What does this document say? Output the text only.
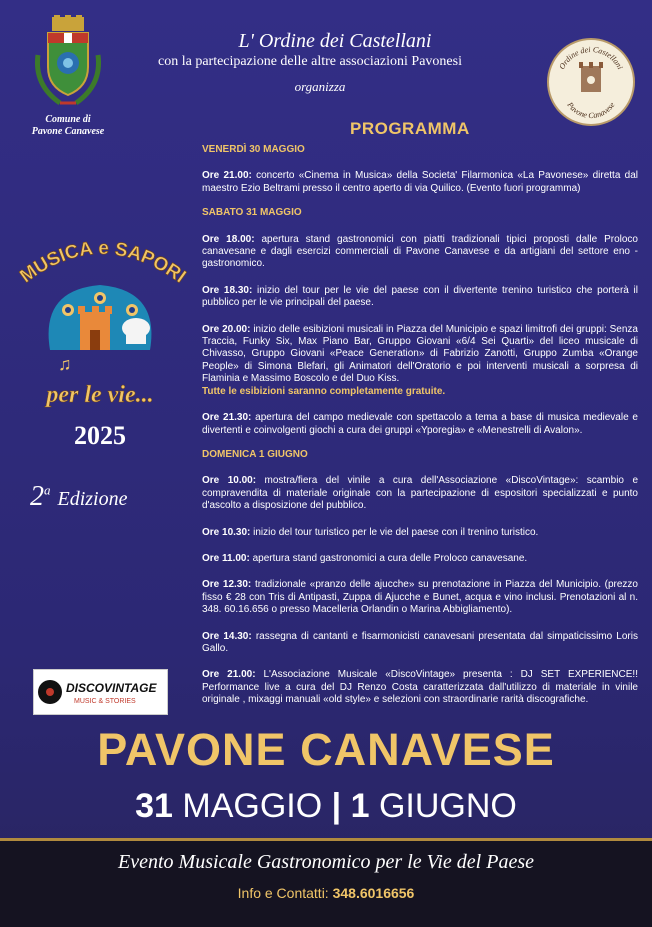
Comune di
Pavone Canavese
L' Ordine dei Castellani
con la partecipazione delle altre associazioni Pavonesi
organizza
Ordine dei Castellani
Pavone Canavese
PROGRAMMA

VENERDÌ 30 MAGGIO

Ore 21.00: concerto «Cinema in Musica» della Societa' Filarmonica «La Pavonese» diretta dal maestro Ezio Beltrami presso il centro aperto di via Quilico. (Evento fuori programma)

SABATO 31 MAGGIO

Ore 18.00: apertura stand gastronomici con piatti tradizionali tipici proposti dalle Proloco canavesane e dagli esercizi commerciali di Pavone Canavese e da artigiani del settore eno - gastronomico.

Ore 18.30: inizio del tour per le vie del paese con il divertente trenino turistico che porterà il pubblico per le vie principali del paese.

Ore 20.00: inizio delle esibizioni musicali in Piazza del Municipio e spazi limitrofi dei gruppi: Senza Traccia, Funky Six, Max Piano Bar, Gruppo Giovani «6/4 Sei Quarti» del liceo musicale di Chivasso, Gruppo Giovani «Peace Generation» di Fabrizio Zanotti, Gruppo Zumba «Orange People» di Simona Blefari, gli Animatori dell'Oratorio e poi interventi musicali a sorpresa di Flaminia e Massimo Boscolo e del Duo Kiss.

Tutte le esibizioni saranno completamente gratuite.

Ore 21.30: apertura del campo medievale con spettacolo a tema a base di musica medievale e divertenti e coinvolgenti giochi a cura dei gruppi «Yporegia» e «Menestrelli di Avalon».

DOMENICA 1 GIUGNO

Ore 10.00: mostra/fiera del vinile a cura dell'Associazione «DiscoVintage»: scambio e compravendita di materiale originale con la partecipazione di espositori specializzati e punto d'ascolto a disposizione del pubblico.

Ore 10.30: inizio del tour turistico per le vie del paese con il trenino turistico.

Ore 11.00: apertura stand gastronomici a cura delle Proloco canavesane.

Ore 12.30: tradizionale «pranzo delle ajucche» su prenotazione in Piazza del Municipio. (prezzo fisso € 28 con Tris di Antipasti, Zuppa di Ajucche e Bunet, acqua e vino inclusi. Prenotazioni al n. 348. 60.16.656 o presso Macelleria Orlandin o Marina Abbigliamento).

Ore 14.30: rassegna di cantanti e fisarmonicisti canavesani presentata dal simpaticissimo Loris Gallo.

Ore 21.00: L'Associazione Musicale «DiscoVintage» presenta : DJ SET EXPERIENCE!! Performance live a cura del DJ Renzo Costa caratterizzata dall'utilizzo di materiale in vinile originale , mixaggi manuali «old style» e selezioni con straordinarie rarità discografiche.

MUSICA e SAPORI
♫
per le vie...
2025
2$^a$ Edizione
DISCOVINTAGE
MUSIC & STORIES
PAVONE CANAVESE
31 MAGGIO | 1 GIUGNO
Evento Musicale Gastronomico per le Vie del Paese
Info e Contatti: 348.6016656
